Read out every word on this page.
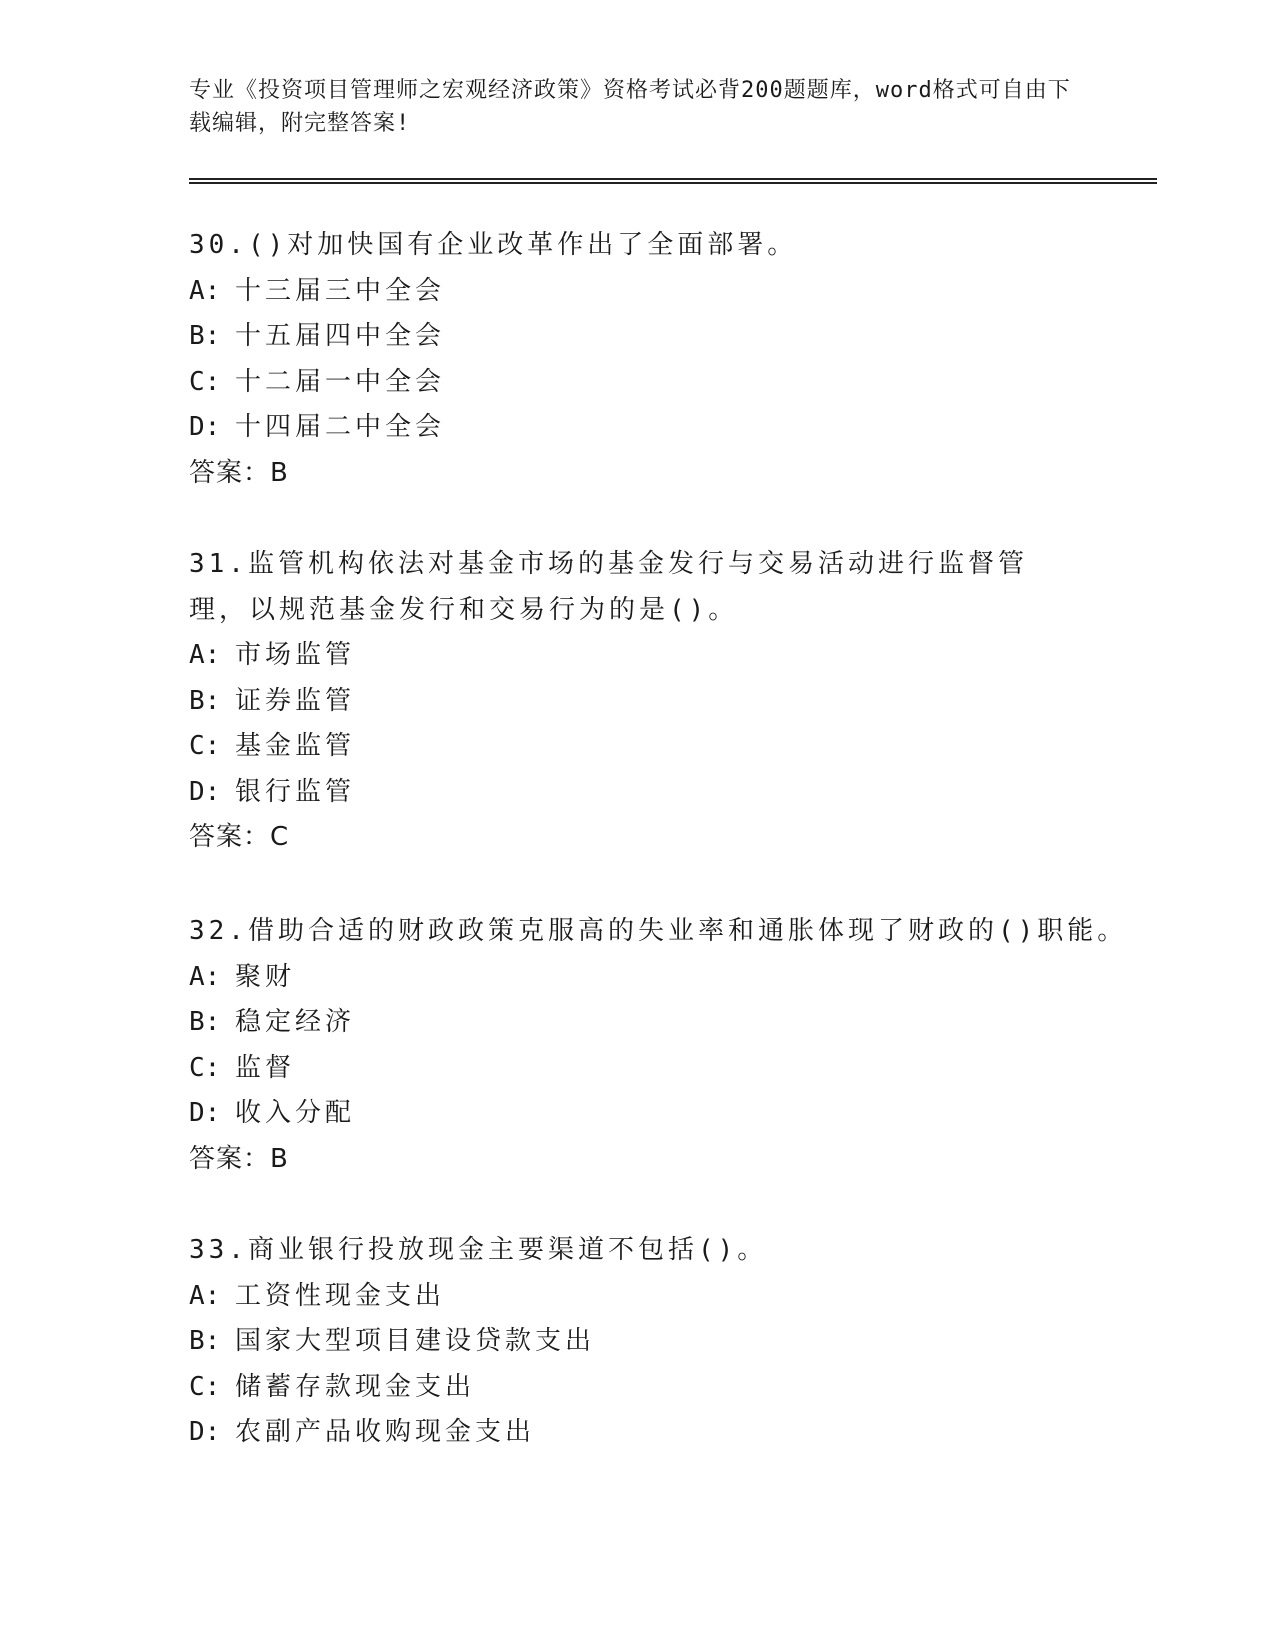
专业《投资项目管理师之宏观经济政策》资格考试必背200题题库，word格式可自由下载编辑，附完整答案!
30.()对加快国有企业改革作出了全面部署。
A: 十三届三中全会
B: 十五届四中全会
C: 十二届一中全会
D: 十四届二中全会
答案：B
31.监管机构依法对基金市场的基金发行与交易活动进行监督管理，以规范基金发行和交易行为的是()。
A: 市场监管
B: 证券监管
C: 基金监管
D: 银行监管
答案：C
32.借助合适的财政政策克服高的失业率和通胀体现了财政的()职能。
A: 聚财
B: 稳定经济
C: 监督
D: 收入分配
答案：B
33.商业银行投放现金主要渠道不包括()。
A: 工资性现金支出
B: 国家大型项目建设贷款支出
C: 储蓄存款现金支出
D: 农副产品收购现金支出
